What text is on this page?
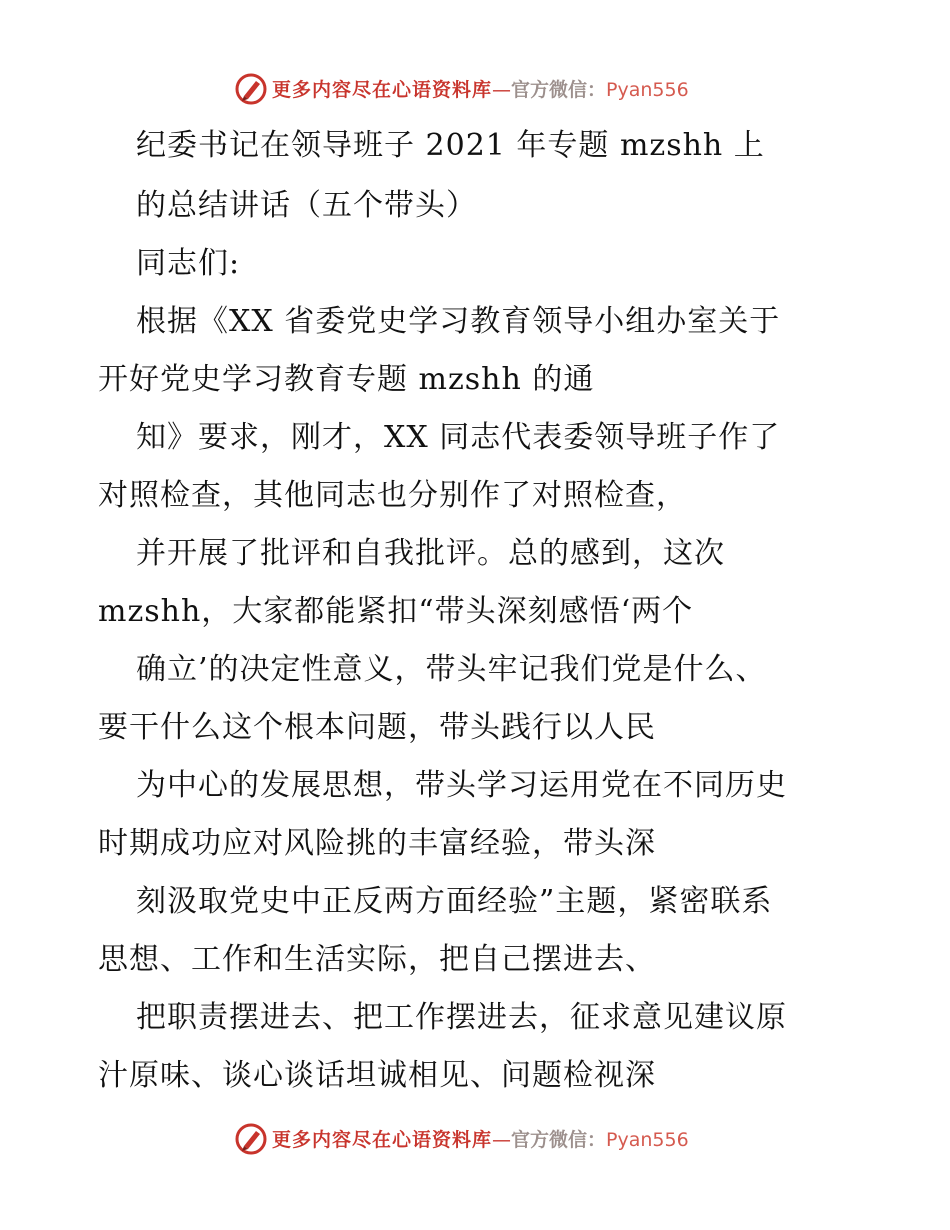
更多内容尽在心语资料库—官方微信：Pyan556
纪委书记在领导班子 2021 年专题 mzshh 上
的总结讲话（五个带头）
同志们:
根据《XX 省委党史学习教育领导小组办室关于
开好党史学习教育专题 mzshh 的通
知》要求，刚才，XX 同志代表委领导班子作了
对照检查，其他同志也分别作了对照检查，
并开展了批评和自我批评。总的感到，这次
mzshh，大家都能紧扣“带头深刻感悟‘两个
确立’的决定性意义，带头牢记我们党是什么、
要干什么这个根本问题，带头践行以人民
为中心的发展思想，带头学习运用党在不同历史
时期成功应对风险挑的丰富经验，带头深
刻汲取党史中正反两方面经验”主题，紧密联系
思想、工作和生活实际，把自己摆进去、
把职责摆进去、把工作摆进去，征求意见建议原
汁原味、谈心谈话坦诚相见、问题检视深
更多内容尽在心语资料库—官方微信：Pyan556
